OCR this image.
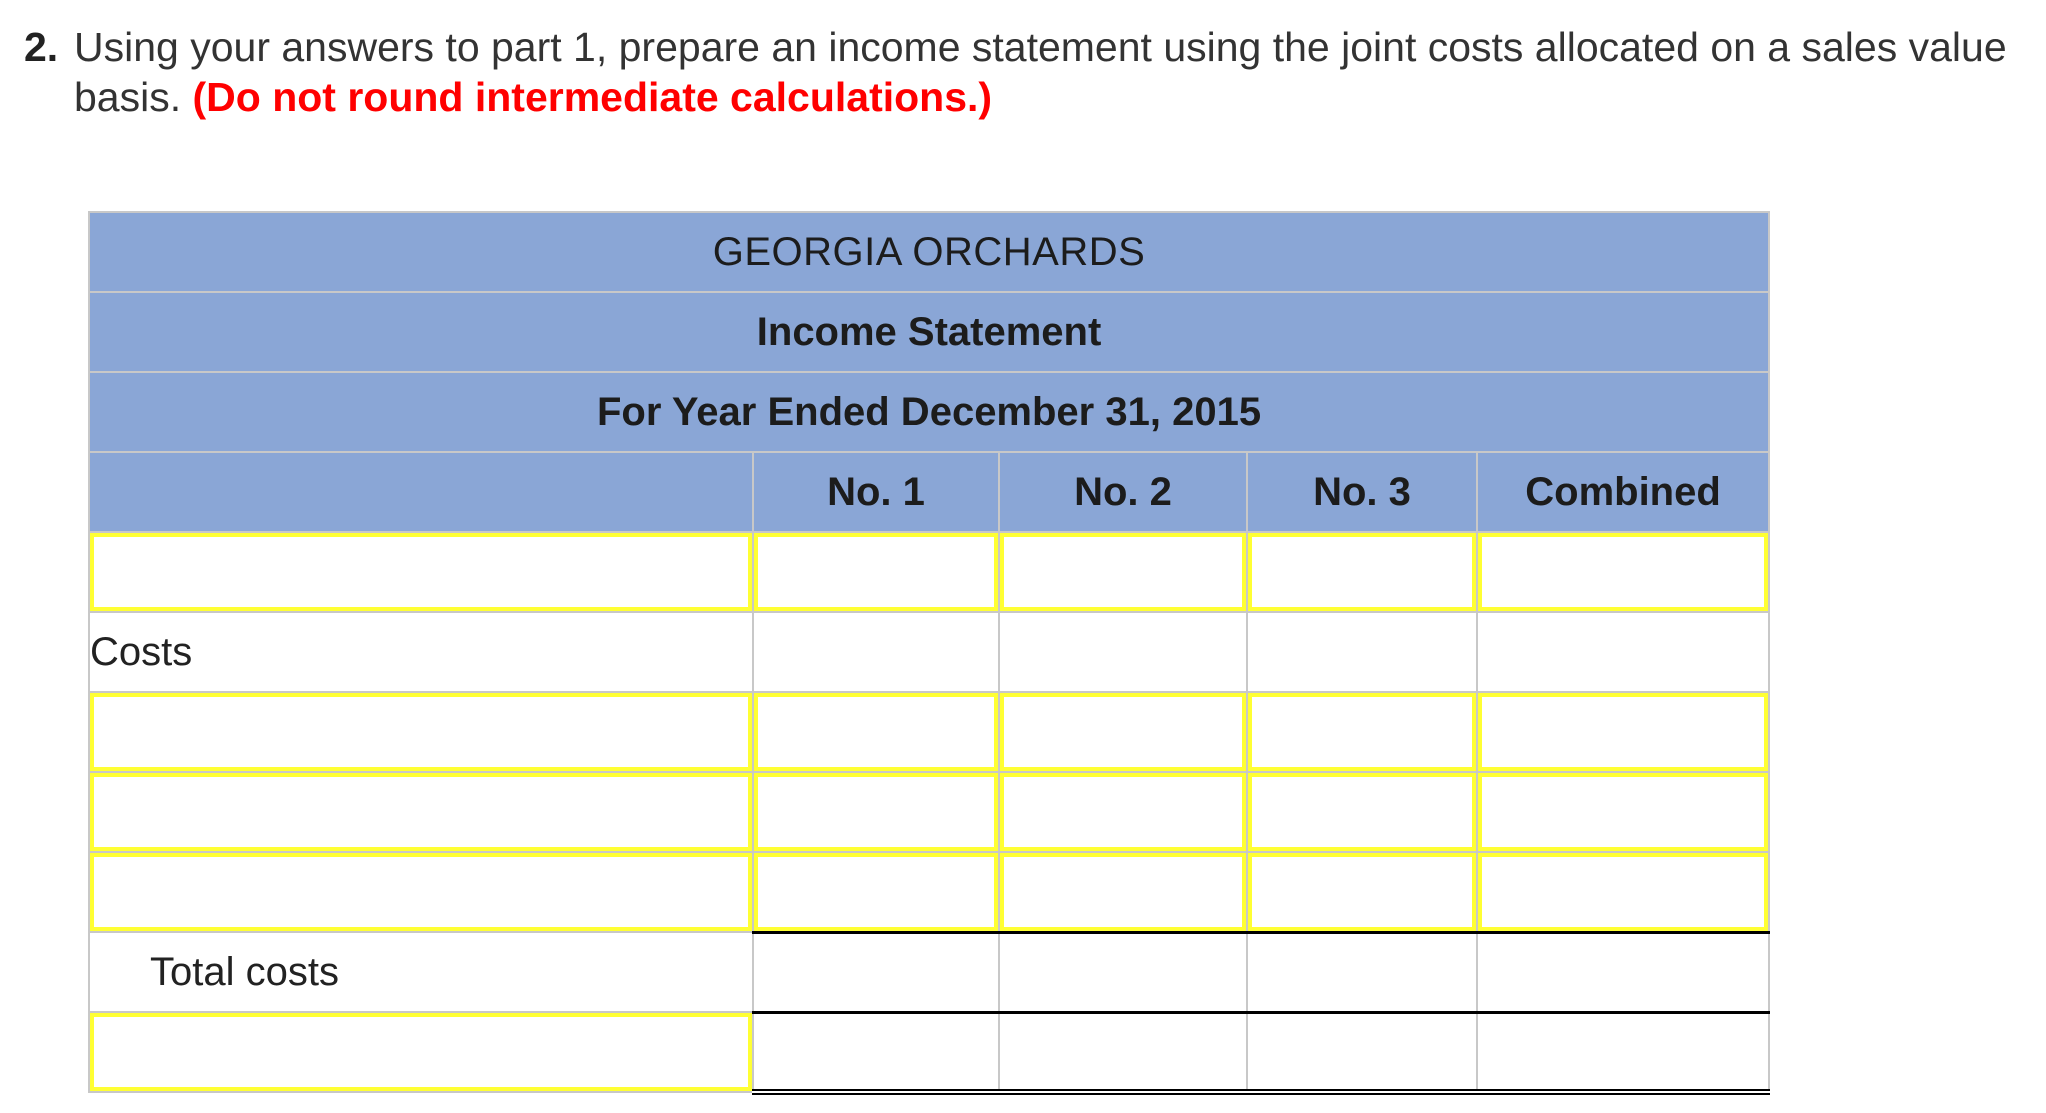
2. Using your answers to part 1, prepare an income statement using the joint costs allocated on a sales value basis. (Do not round intermediate calculations.)
GEORGIA ORCHARDS				
Income Statement				
For Year Ended December 31, 2015				
	No. 1	No. 2	No. 3	Combined

Costs				

Total costs				
